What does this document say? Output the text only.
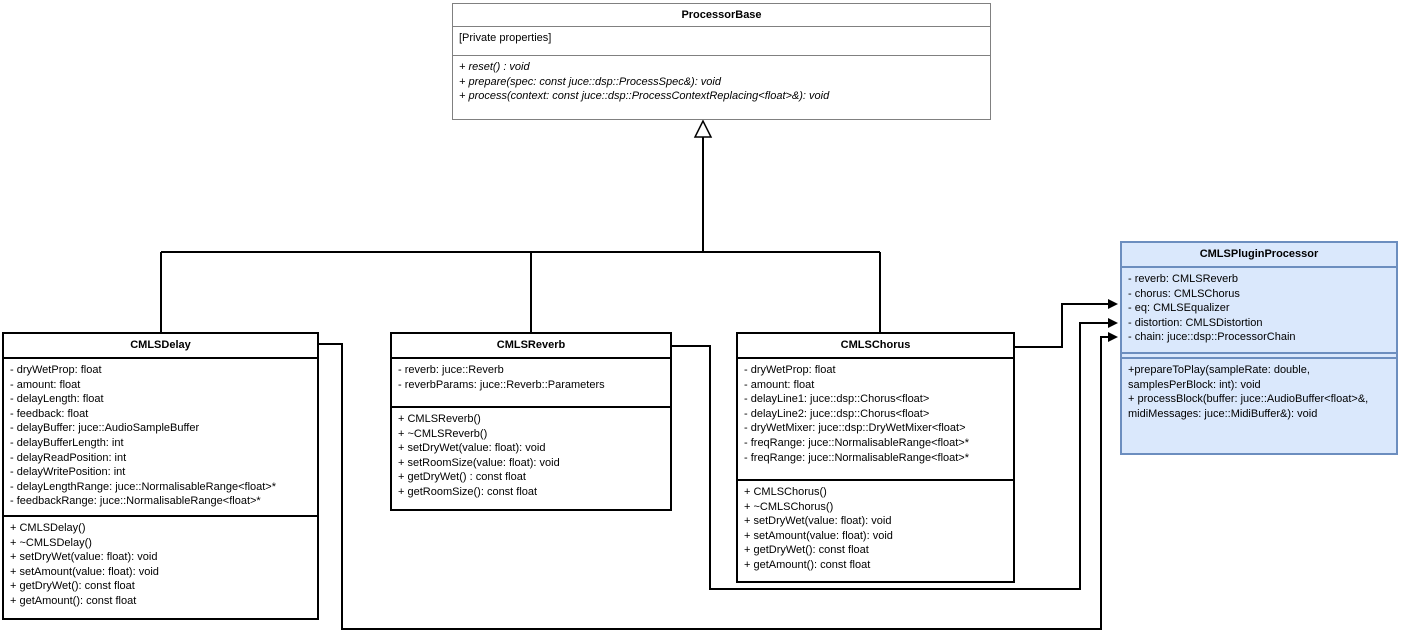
ProcessorBase
[Private properties]
+ reset() : void
+ prepare(spec: const juce::dsp::ProcessSpec&): void
+ process(context: const juce::dsp::ProcessContextReplacing<float>&): void
CMLSDelay
- dryWetProp: float
- amount: float
- delayLength: float
- feedback: float
- delayBuffer: juce::AudioSampleBuffer
- delayBufferLength: int
- delayReadPosition: int
- delayWritePosition: int
- delayLengthRange: juce::NormalisableRange<float>*
- feedbackRange: juce::NormalisableRange<float>*
+ CMLSDelay()
+ ~CMLSDelay()
+ setDryWet(value: float): void
+ setAmount(value: float): void
+ getDryWet(): const float
+ getAmount(): const float
CMLSReverb
- reverb: juce::Reverb
- reverbParams: juce::Reverb::Parameters
+ CMLSReverb()
+ ~CMLSReverb()
+ setDryWet(value: float): void
+ setRoomSize(value: float): void
+ getDryWet() : const float
+ getRoomSize(): const float
CMLSChorus
- dryWetProp: float
- amount: float
- delayLine1: juce::dsp::Chorus<float>
- delayLine2: juce::dsp::Chorus<float>
- dryWetMixer: juce::dsp::DryWetMixer<float>
- freqRange: juce::NormalisableRange<float>*
- freqRange: juce::NormalisableRange<float>*
+ CMLSChorus()
+ ~CMLSChorus()
+ setDryWet(value: float): void
+ setAmount(value: float): void
+ getDryWet(): const float
+ getAmount(): const float
CMLSPluginProcessor
- reverb: CMLSReverb
- chorus: CMLSChorus
- eq: CMLSEqualizer
- distortion: CMLSDistortion
- chain: juce::dsp::ProcessorChain
+prepareToPlay(sampleRate: double,
samplesPerBlock: int): void
+ processBlock(buffer: juce::AudioBuffer<float>&,
midiMessages: juce::MidiBuffer&): void
